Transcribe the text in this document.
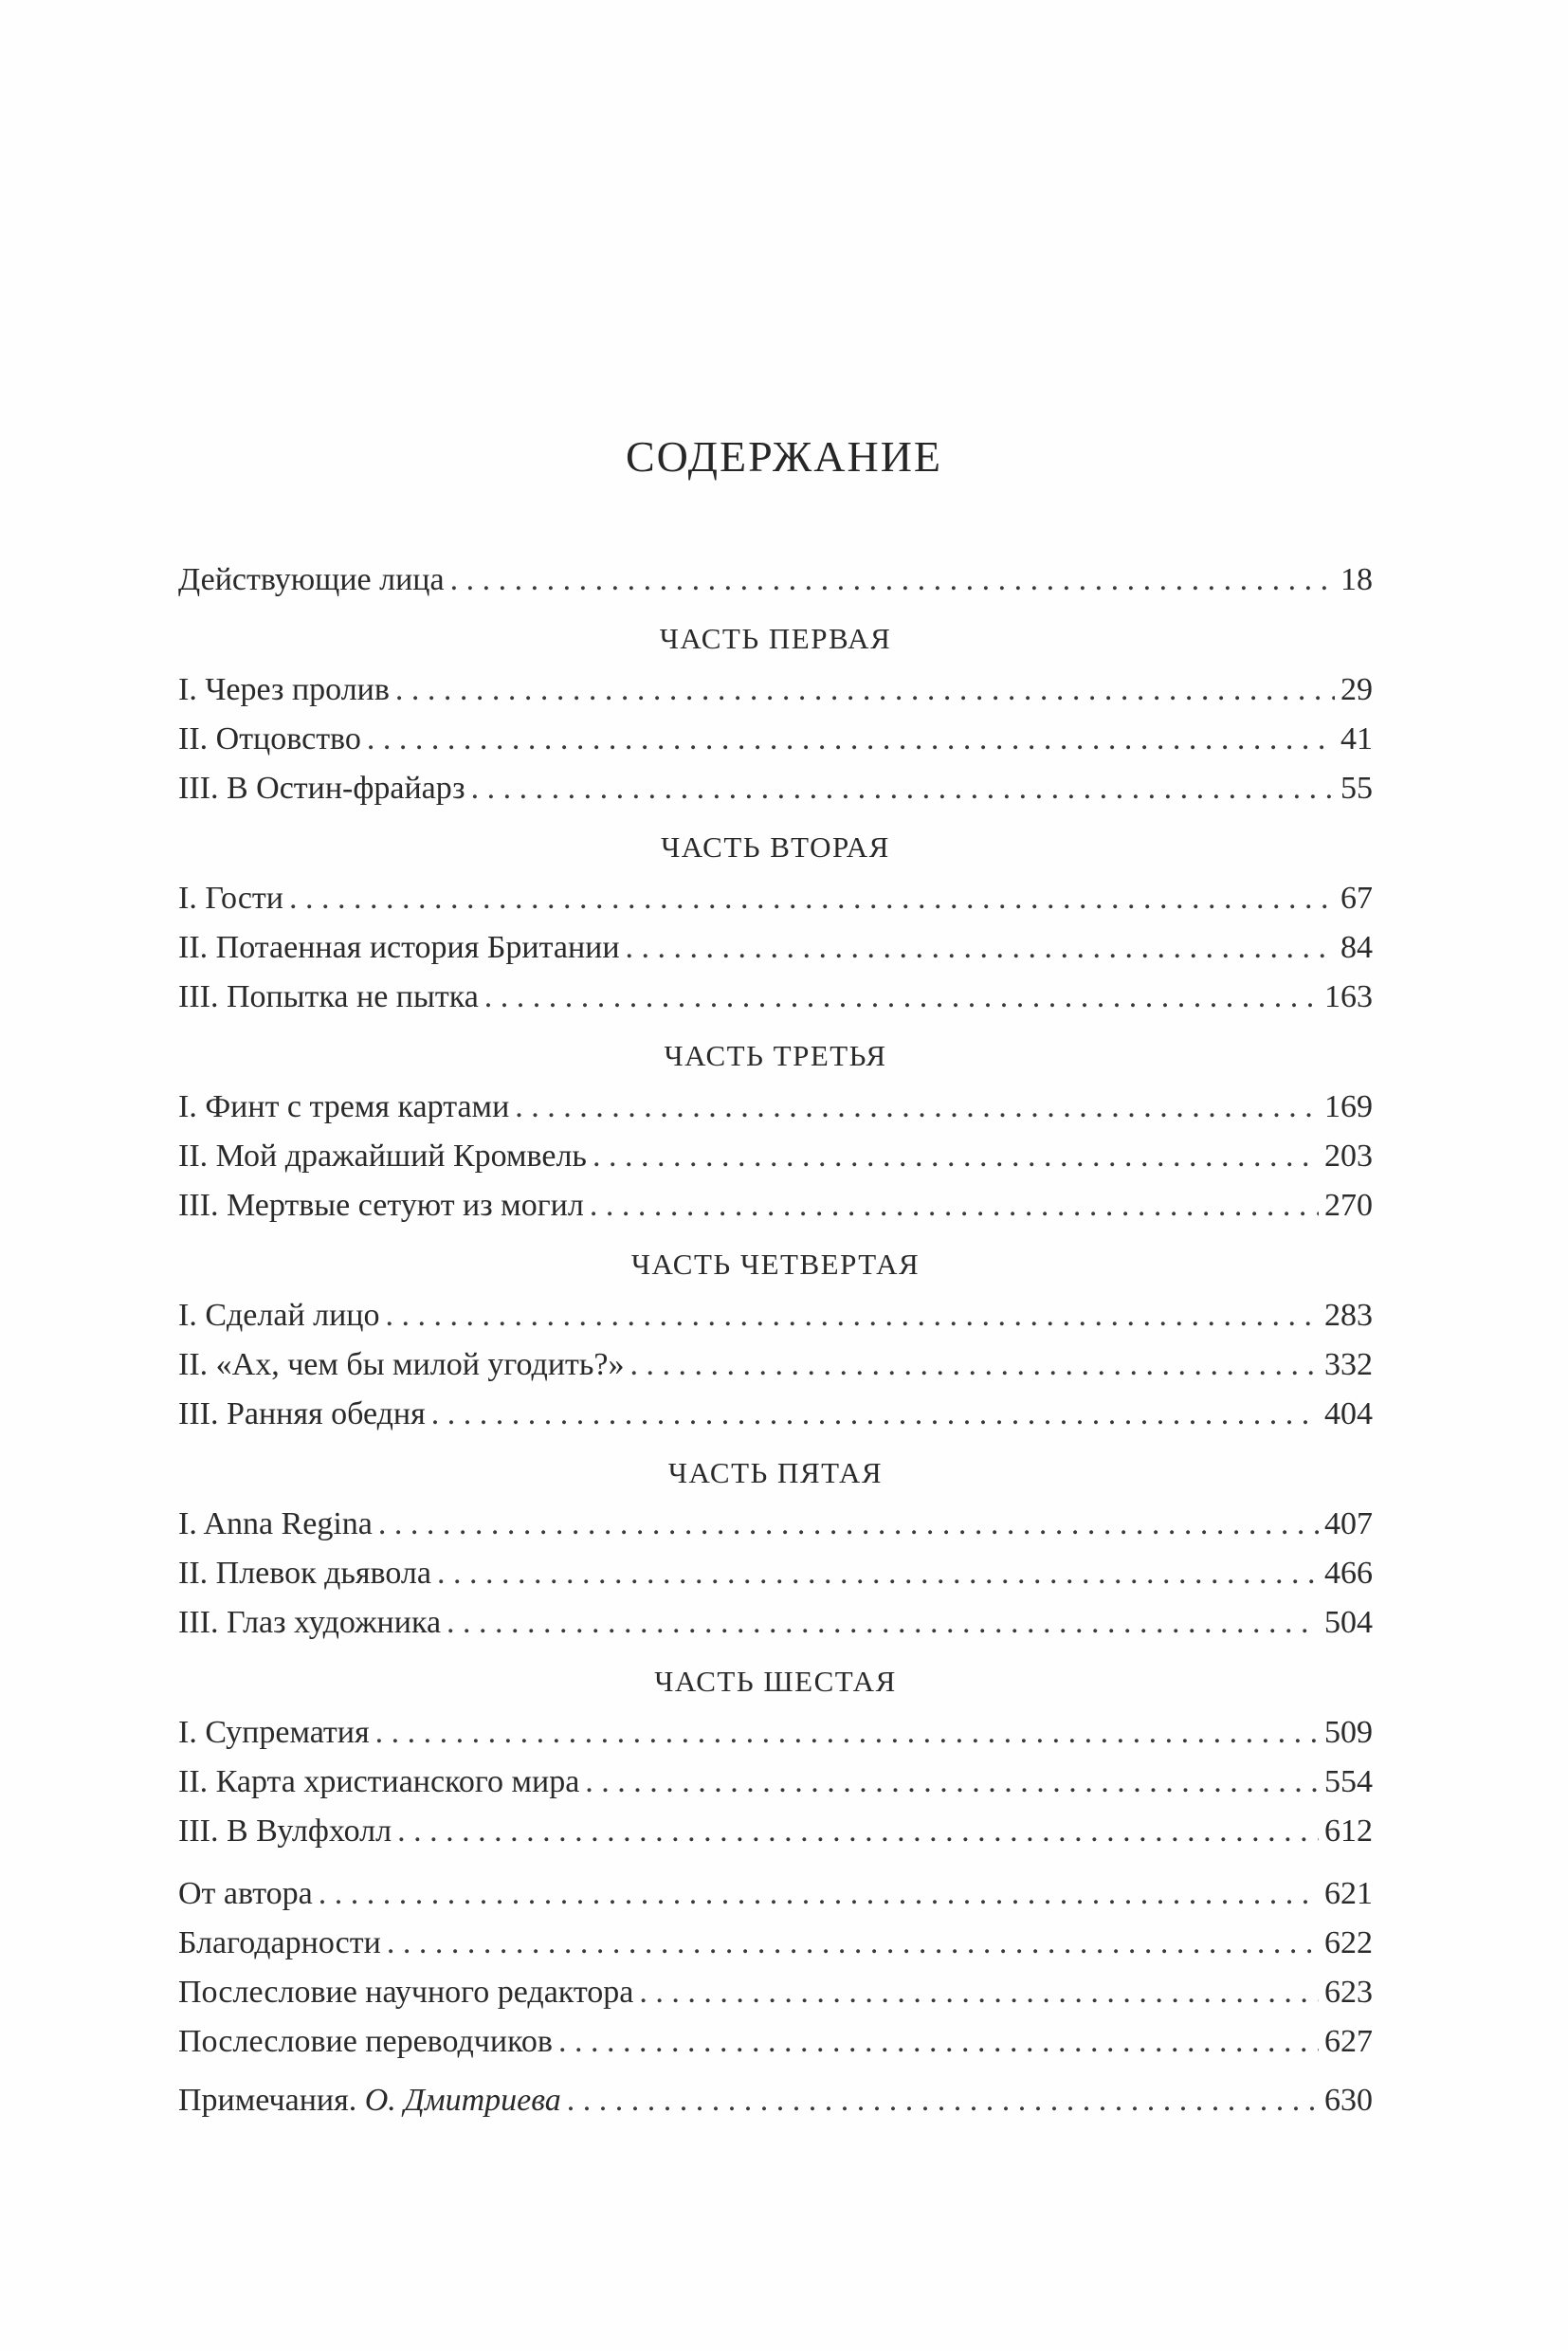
СОДЕРЖАНИЕ
Действующие лица . . .	18
ЧАСТЬ ПЕРВАЯ
I. Через пролив . . .	29
II. Отцовство . . .	41
III. В Остин-фрайарз . . .	55
ЧАСТЬ ВТОРАЯ
I. Гости . . .	67
II. Потаенная история Британии . . .	84
III. Попытка не пытка . . .	163
ЧАСТЬ ТРЕТЬЯ
I. Финт с тремя картами . . .	169
II. Мой дражайший Кромвель . . .	203
III. Мертвые сетуют из могил . . .	270
ЧАСТЬ ЧЕТВЕРТАЯ
I. Сделай лицо . . .	283
II. «Ах, чем бы милой угодить?» . . .	332
III. Ранняя обедня . . .	404
ЧАСТЬ ПЯТАЯ
I. Anna Regina . . .	407
II. Плевок дьявола . . .	466
III. Глаз художника . . .	504
ЧАСТЬ ШЕСТАЯ
I. Супрематия . . .	509
II. Карта христианского мира . . .	554
III. В Вулфхолл . . .	612
От автора . . .	621
Благодарности . . .	622
Послесловие научного редактора . . .	623
Послесловие переводчиков . . .	627
Примечания. О. Дмитриева . . .	630
